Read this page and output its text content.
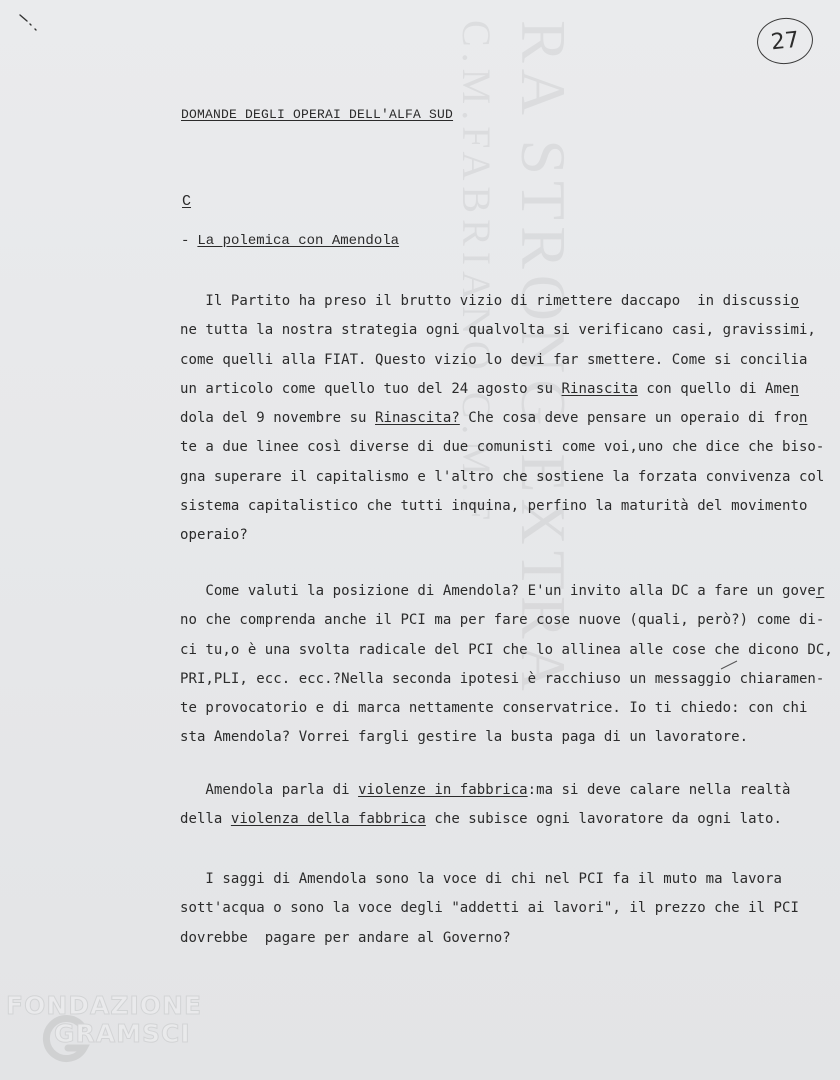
RA STRONG EXTRA
C.M.FABRIANO C.M.F	27
DOMANDE DEGLI OPERAI DELL'ALFA SUD
C
- La polemica con Amendola
Il Partito ha preso il brutto vizio di rimettere daccapo  in discussio
ne tutta la nostra strategia ogni qualvolta si verificano casi, gravissimi,
come quelli alla FIAT. Questo vizio lo devi far smettere. Come si concilia
un articolo come quello tuo del 24 agosto su Rinascita con quello di Amen
dola del 9 novembre su Rinascita? Che cosa deve pensare un operaio di fron
te a due linee così diverse di due comunisti come voi,uno che dice che biso-
gna superare il capitalismo e l'altro che sostiene la forzata convivenza col
sistema capitalistico che tutti inquina, perfino la maturità del movimento
operaio?
Come valuti la posizione di Amendola? E'un invito alla DC a fare un gover
no che comprenda anche il PCI ma per fare cose nuove (quali, però?) come di-
ci tu,o è una svolta radicale del PCI che lo allinea alle cose che dicono DC,
PRI,PLI, ecc. ecc.?Nella seconda ipotesi è racchiuso un messaggio chiaramen-
te provocatorio e di marca nettamente conservatrice. Io ti chiedo: con chi
sta Amendola? Vorrei fargli gestire la busta paga di un lavoratore.
Amendola parla di violenze in fabbrica:ma si deve calare nella realtà
della violenza della fabbrica che subisce ogni lavoratore da ogni lato.
I saggi di Amendola sono la voce di chi nel PCI fa il muto ma lavora
sott'acqua o sono la voce degli "addetti ai lavori", il prezzo che il PCI
dovrebbe  pagare per andare al Governo?
FONDAZIONE
GRAMSCI
